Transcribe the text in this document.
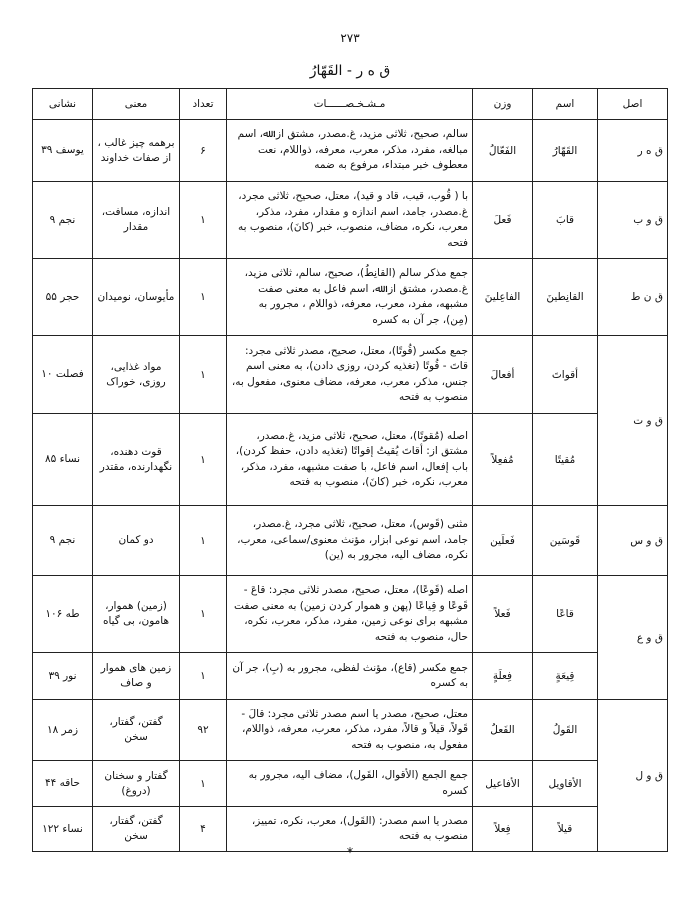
۲۷۳
ق ه ر - القَهّارُ
نشانی	معنی	تعداد	مـشـخـصــــــات	وزن	اسم	اصل
یوسف ۳۹	برهمه چیز غالب ، از صفات خداوند	۶	سالم، صحیح، ثلاثی مزید، غ.مصدر، مشتق از: ﷲ، اسم مبالغه، مفرد، مذکر، معرب، معرفه، ذواللام، نعت معطوف خبر مبتداء، مرفوع به ضمه	الفَعّالُ	القَهّارُ	ق ه ر
نجم ۹	اندازه، مسافت، مقدار	۱	با ( قُوب، قیب، قاد و قید)، معتل، صحیح، ثلاثی مجرد، غ.مصدر، جامد، اسم اندازه و مقدار، مفرد، مذکر، معرب، نکره، مضاف، منصوب، خبر (کانَ)، منصوب به فتحه	فَعلَ	قابَ	ق و ب
حجر ۵۵	مأیوسان، نومیدان	۱	جمع مذکر سالم (القانِطُ)، صحیح، سالم، ثلاثی مزید، غ.مصدر، مشتق از: ﷲ، اسم فاعل به معنی صفت مشبهه، مفرد، معرب، معرفه، ذواللام ، مجرور به (مِن)، جر آن به کسره	الفاعِلینَ	القانِطینَ	ق ن ط
فصلت ۱۰	مواد غذایی، روزی، خوراک	۱	جمع مکسر (قُوتًا)، معتل، صحیح، مصدر ثلاثی مجرد: قاتَ - قُوتًا (تغذیه کردن، روزی دادن)، به معنی اسم جنس، مذکر، معرب، معرفه، مضاف معنوی، مفعول به، منصوب به فتحه	أفعالَ	أقواتَ	ق و ت
نساء ۸۵	قوت دهنده، نگهدارنده، مقتدر	۱	اصله (مُقوتًا)، معتل، صحیح، ثلاثی مزید، غ.مصدر، مشتق از: أقاتَ یُقیتُ إقواتًا (تغذیه دادن، حفظ کردن)، باب إفعال، اسم فاعل، با صفت مشبهه، مفرد، مذکر، معرب، نکره، خبر (کانَ)، منصوب به فتحه	مُفعِلاً	مُقیتًا	
نجم ۹	دو کمان	۱	مثنی (قَوس)، معتل، صحیح، ثلاثی مجرد، غ.مصدر، جامد، اسم نوعی ابزار، مؤنث معنوی/سماعی، معرب، نکره، مضاف الیه، مجرور به (ین)	فَعلَین	قَوسَین	ق و س
طه ۱۰۶	(زمین) هموار، هامون، بی گیاه	۱	اصله (قَوعًا)، معتل، صحیح، مصدر ثلاثی مجرد: قاعَ - قَوعًا و قِیاعًا (پهن و هموار کردن زمین) به معنی صفت مشبهه برای نوعی زمین، مفرد، مذکر، معرب، نکره، حال، منصوب به فتحه	فَعلاً	قاعًا	ق و ع
نور ۳۹	زمین های هموار و صاف	۱	جمع مکسر (قاع)، مؤنث لفظی، مجرور به (بِ)، جر آن به کسره	فِعلَةٍ	قِیعَةٍ	
زمر ۱۸	گفتن، گفتار، سخن	۹۲	معتل، صحیح، مصدر یا اسم مصدر ثلاثی مجرد: قالَ - قَولاً، قیلاً و قالاً، مفرد، مذکر، معرب، معرفه، ذواللام، مفعول به، منصوب به فتحه	الفَعلُ	القَولُ	ق و ل
حاقه ۴۴	گفتار و سخنان (دروغ)	۱	جمع الجمع (الأقوال، القَول)، مضاف الیه، مجرور به کسره	الأفاعیل	الأقاویل	
نساء ۱۲۲	گفتن، گفتار، سخن	۴	مصدر یا اسم مصدر: (القَول)، معرب، نکره، تمییز، منصوب به فتحه	فِعلاً	قیلاً	
*
